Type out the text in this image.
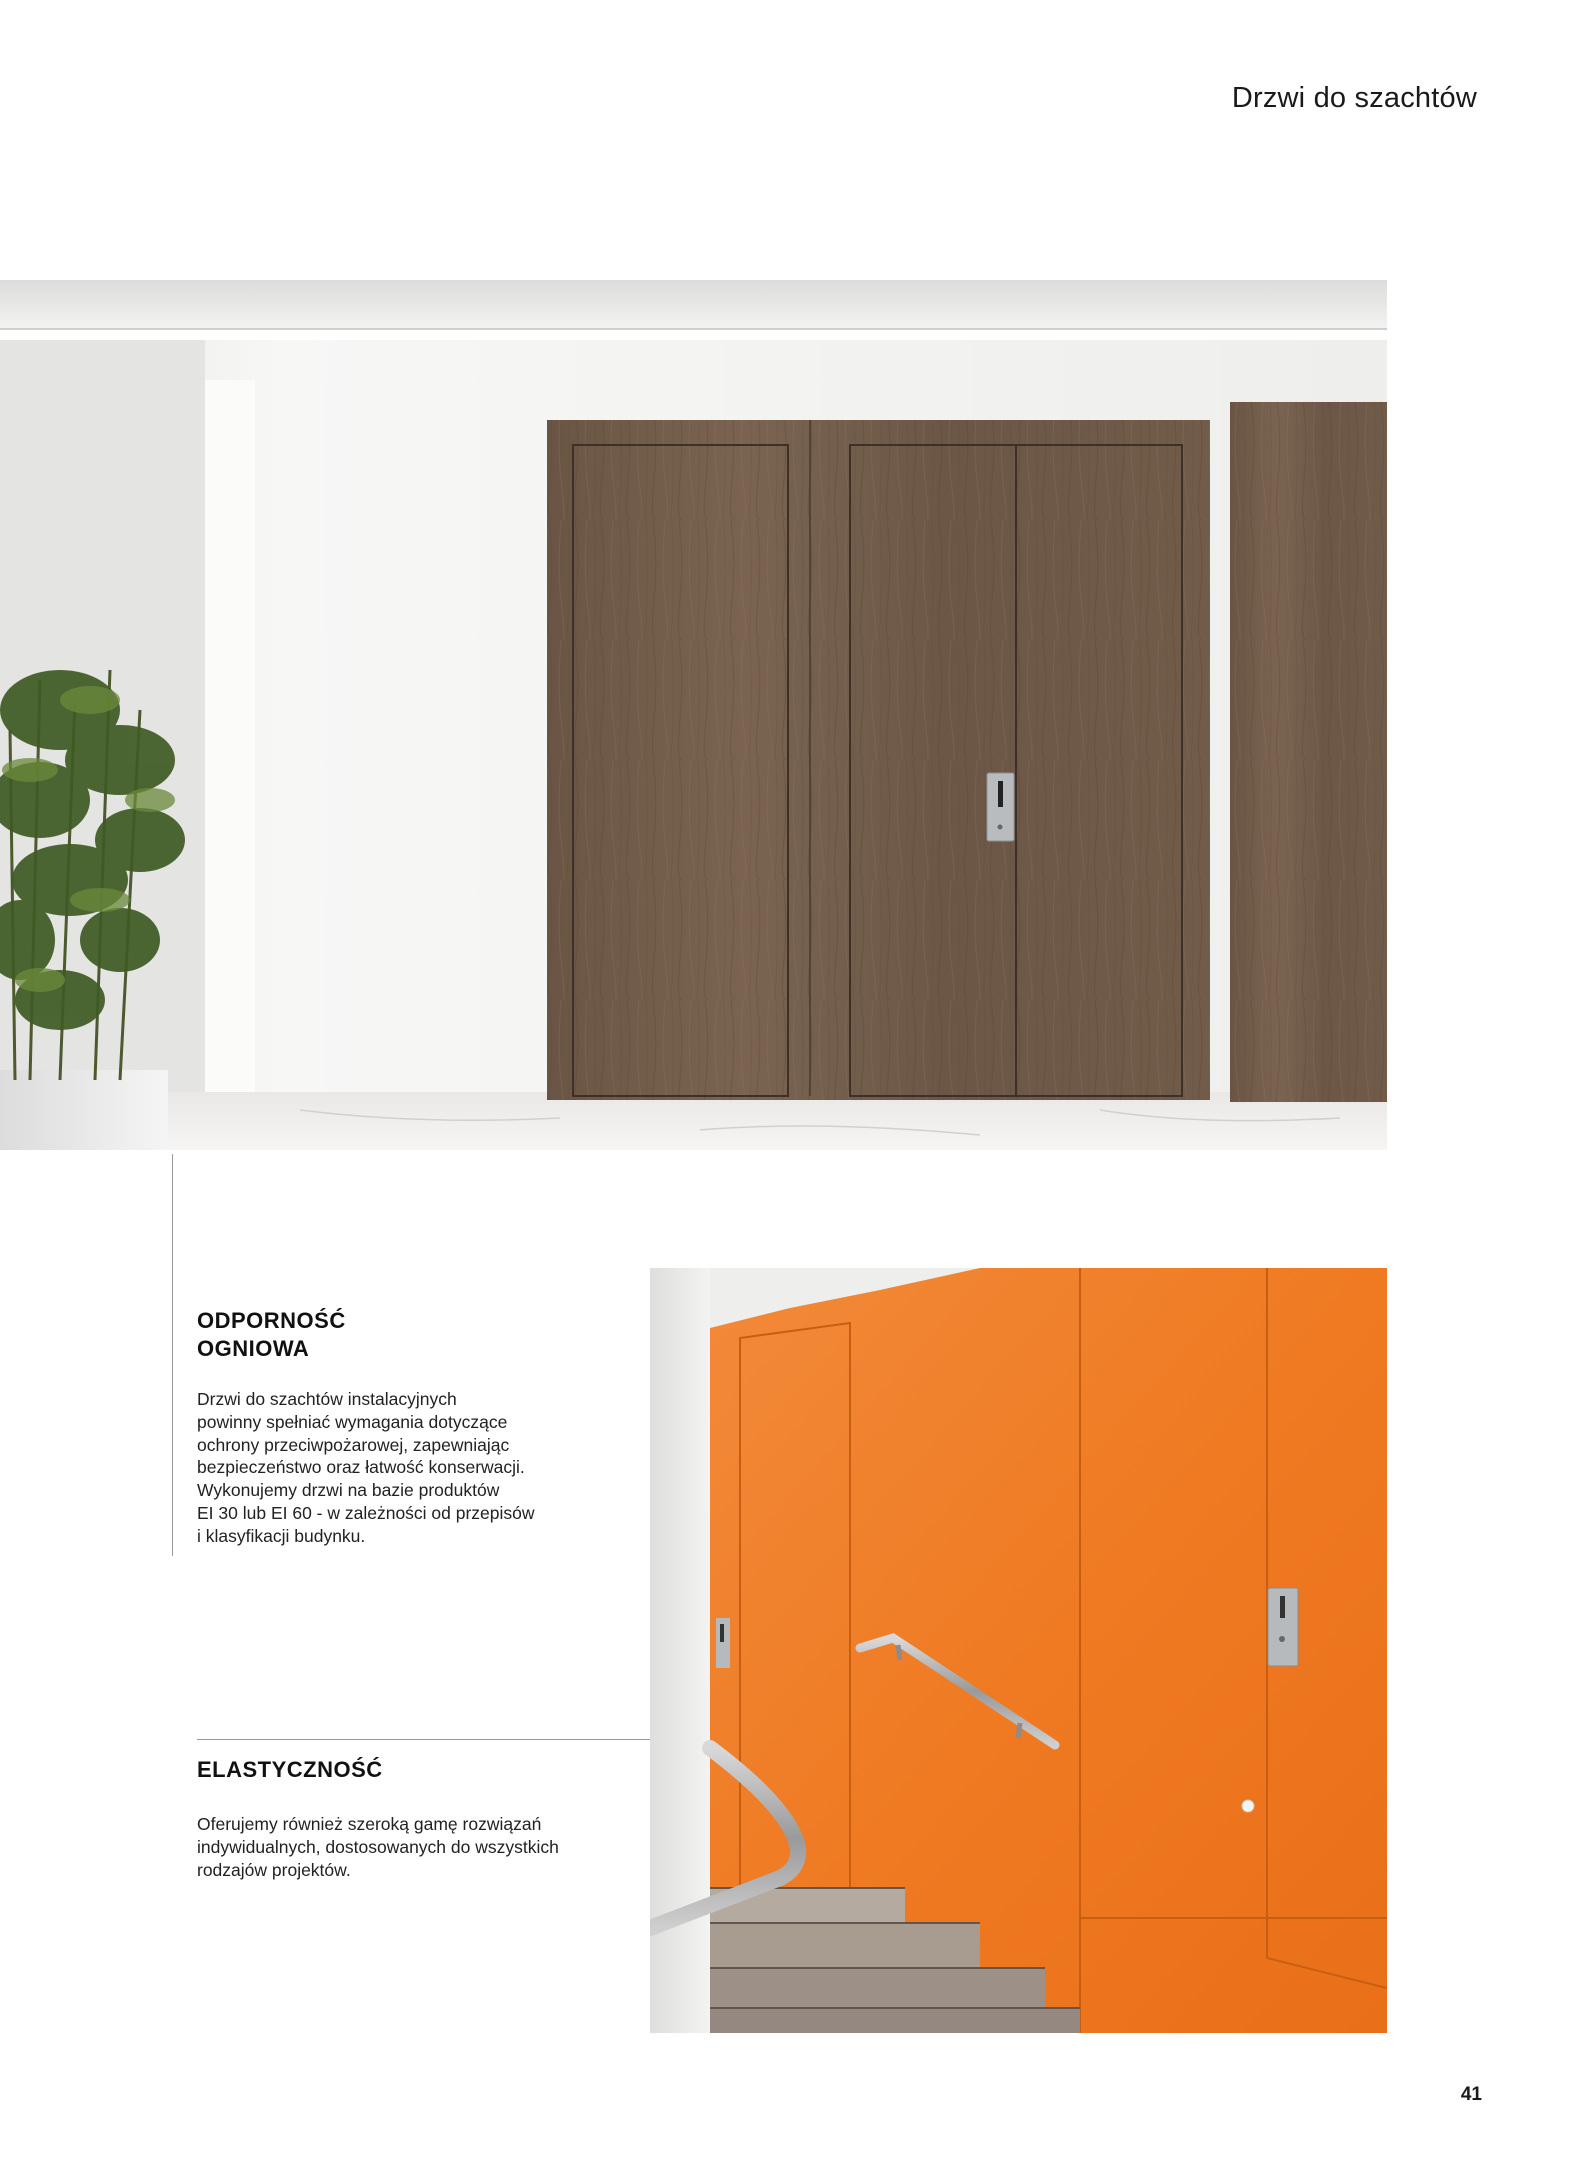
Drzwi do szachtów
ODPORNOŚĆ
OGNIOWA
Drzwi do szachtów instalacyjnych
powinny spełniać wymagania dotyczące
ochrony przeciwpożarowej, zapewniając
bezpieczeństwo oraz łatwość konserwacji.
Wykonujemy drzwi na bazie produktów
EI 30 lub EI 60 - w zależności od przepisów
i klasyfikacji budynku.
ELASTYCZNOŚĆ
Oferujemy również szeroką gamę rozwiązań
indywidualnych, dostosowanych do wszystkich
rodzajów projektów.
41
